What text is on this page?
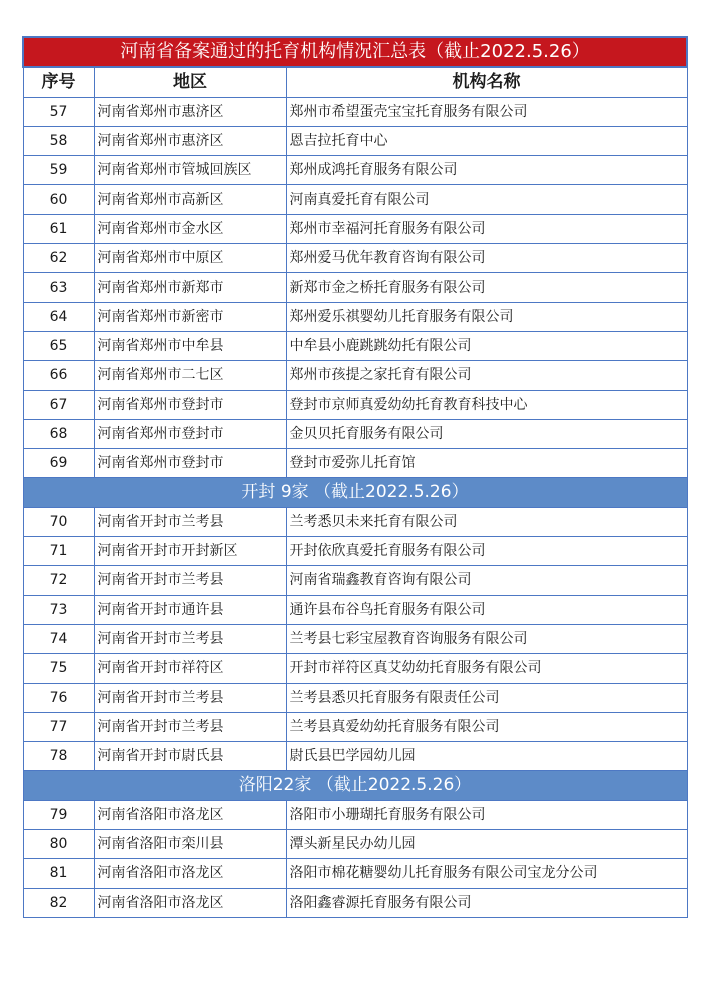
河南省备案通过的托育机构情况汇总表（截止2022.5.26）		
序号	地区	机构名称
57	河南省郑州市惠济区	郑州市希望蛋壳宝宝托育服务有限公司
58	河南省郑州市惠济区	恩吉拉托育中心
59	河南省郑州市管城回族区	郑州成鸿托育服务有限公司
60	河南省郑州市高新区	河南真爱托育有限公司
61	河南省郑州市金水区	郑州市幸福河托育服务有限公司
62	河南省郑州市中原区	郑州爱马优年教育咨询有限公司
63	河南省郑州市新郑市	新郑市金之桥托育服务有限公司
64	河南省郑州市新密市	郑州爱乐祺婴幼儿托育服务有限公司
65	河南省郑州市中牟县	中牟县小鹿跳跳幼托有限公司
66	河南省郑州市二七区	郑州市孩提之家托育有限公司
67	河南省郑州市登封市	登封市京师真爱幼幼托育教育科技中心
68	河南省郑州市登封市	金贝贝托育服务有限公司
69	河南省郑州市登封市	登封市爱弥儿托育馆
开封 9家 （截止2022.5.26）		
70	河南省开封市兰考县	兰考悉贝未来托育有限公司
71	河南省开封市开封新区	开封依欣真爱托育服务有限公司
72	河南省开封市兰考县	河南省瑞鑫教育咨询有限公司
73	河南省开封市通许县	通许县布谷鸟托育服务有限公司
74	河南省开封市兰考县	兰考县七彩宝屋教育咨询服务有限公司
75	河南省开封市祥符区	开封市祥符区真艾幼幼托育服务有限公司
76	河南省开封市兰考县	兰考县悉贝托育服务有限责任公司
77	河南省开封市兰考县	兰考县真爱幼幼托育服务有限公司
78	河南省开封市尉氏县	尉氏县巴学园幼儿园
洛阳22家 （截止2022.5.26）		
79	河南省洛阳市洛龙区	洛阳市小珊瑚托育服务有限公司
80	河南省洛阳市栾川县	潭头新星民办幼儿园
81	河南省洛阳市洛龙区	洛阳市棉花糖婴幼儿托育服务有限公司宝龙分公司
82	河南省洛阳市洛龙区	洛阳鑫睿源托育服务有限公司
